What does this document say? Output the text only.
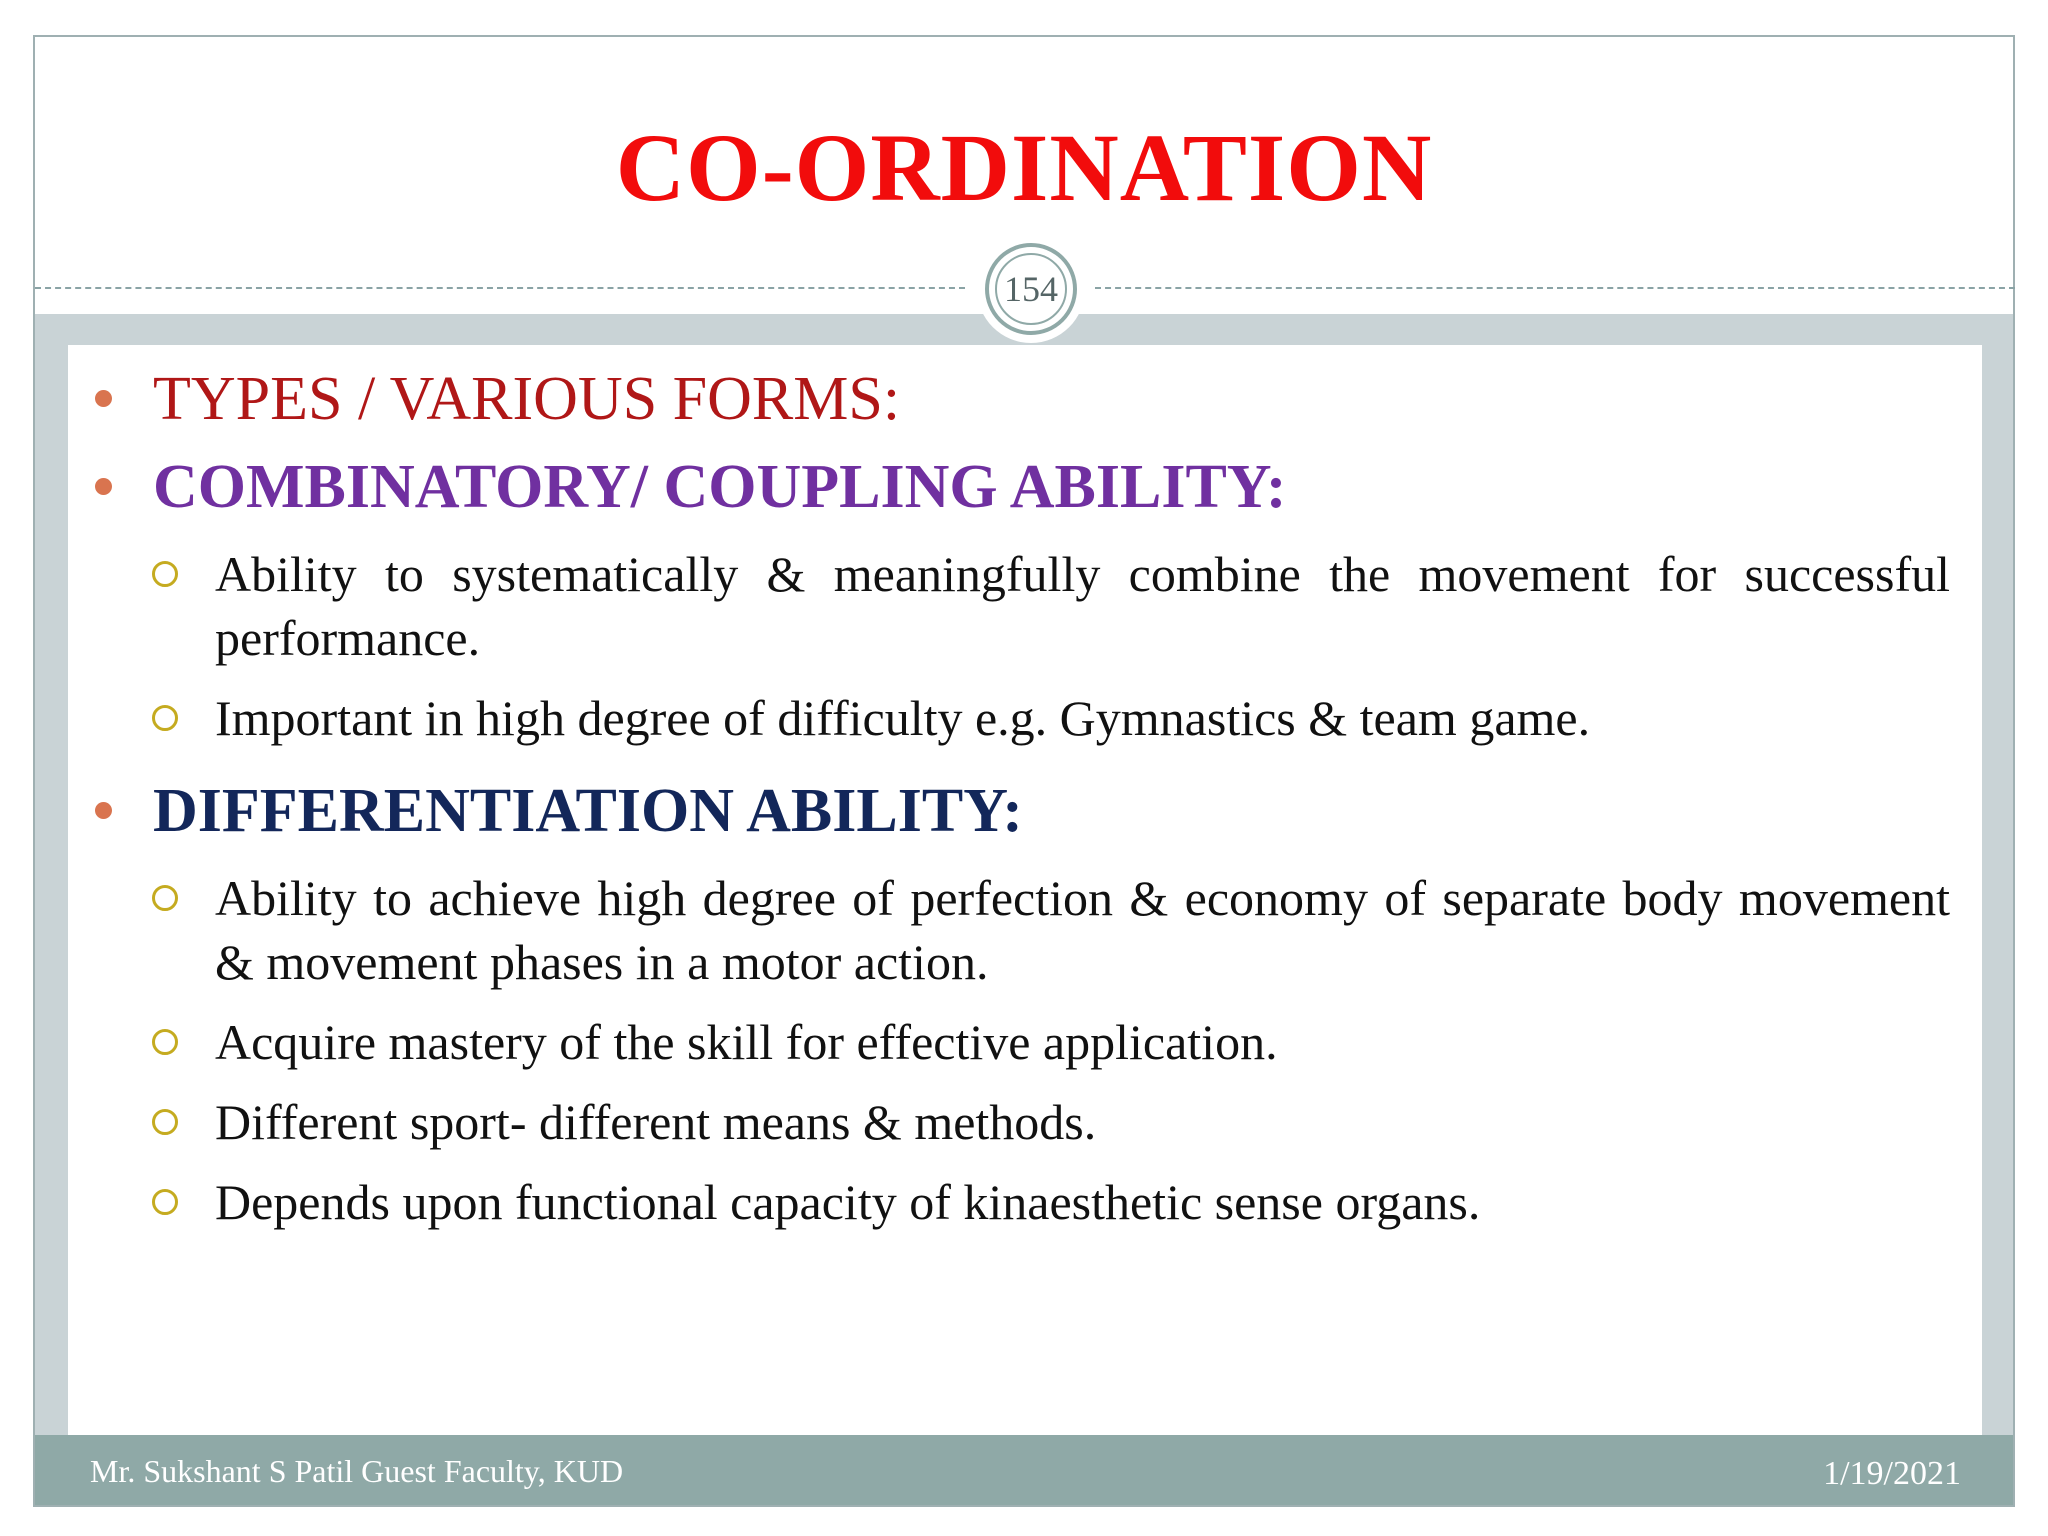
CO-ORDINATION
154
Mr. Sukshant S Patil Guest Faculty, KUD	1/19/2021
TYPES / VARIOUS FORMS:
COMBINATORY/ COUPLING ABILITY:
Ability to systematically & meaningfully combine the movement for successful performance.
Important in high degree of difficulty e.g. Gymnastics & team game.
DIFFERENTIATION ABILITY:
Ability to achieve high degree of perfection & economy of separate body movement & movement phases in a motor action.
Acquire mastery of the skill for effective application.
Different sport- different means & methods.
Depends upon functional capacity of kinaesthetic sense organs.
